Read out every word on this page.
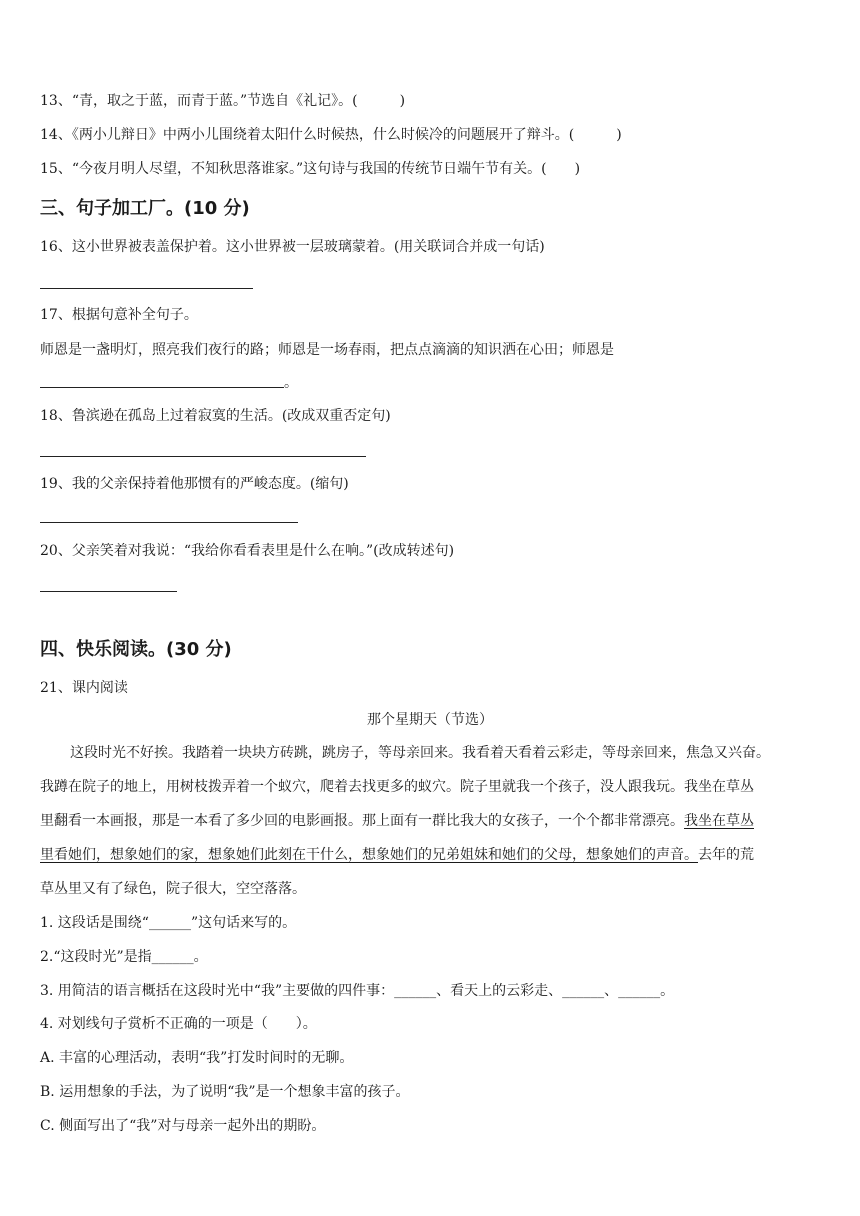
13、“青，取之于蓝，而青于蓝。”节选自《礼记》。(　　　)
14、《两小儿辩日》中两小儿围绕着太阳什么时候热，什么时候冷的问题展开了辩斗。(　　　)
15、“今夜月明人尽望，不知秋思落谁家。”这句诗与我国的传统节日端午节有关。(　　)
三、句子加工厂。(10 分)
16、这小世界被表盖保护着。这小世界被一层玻璃蒙着。(用关联词合并成一句话)
17、根据句意补全句子。
师恩是一盏明灯，照亮我们夜行的路；师恩是一场春雨，把点点滴滴的知识洒在心田；师恩是
。
18、鲁滨逊在孤岛上过着寂寞的生活。(改成双重否定句)
19、我的父亲保持着他那惯有的严峻态度。(缩句)
20、父亲笑着对我说：“我给你看看表里是什么在响。”(改成转述句)
四、快乐阅读。(30 分)
21、课内阅读
那个星期天（节选）
这段时光不好挨。我踏着一块块方砖跳，跳房子，等母亲回来。我看着天看着云彩走，等母亲回来，焦急又兴奋。
我蹲在院子的地上，用树枝拨弄着一个蚁穴，爬着去找更多的蚁穴。院子里就我一个孩子，没人跟我玩。我坐在草丛
里翻看一本画报，那是一本看了多少回的电影画报。那上面有一群比我大的女孩子，一个个都非常漂亮。我坐在草丛
里看她们，想象她们的家，想象她们此刻在干什么，想象她们的兄弟姐妹和她们的父母，想象她们的声音。去年的荒
草丛里又有了绿色，院子很大，空空落落。
1. 这段话是围绕“______”这句话来写的。
2.“这段时光”是指______。
3. 用简洁的语言概括在这段时光中“我”主要做的四件事：______、看天上的云彩走、______、______。
4. 对划线句子赏析不正确的一项是（　　）。
A. 丰富的心理活动，表明“我”打发时间时的无聊。
B. 运用想象的手法，为了说明“我”是一个想象丰富的孩子。
C. 侧面写出了“我”对与母亲一起外出的期盼。
